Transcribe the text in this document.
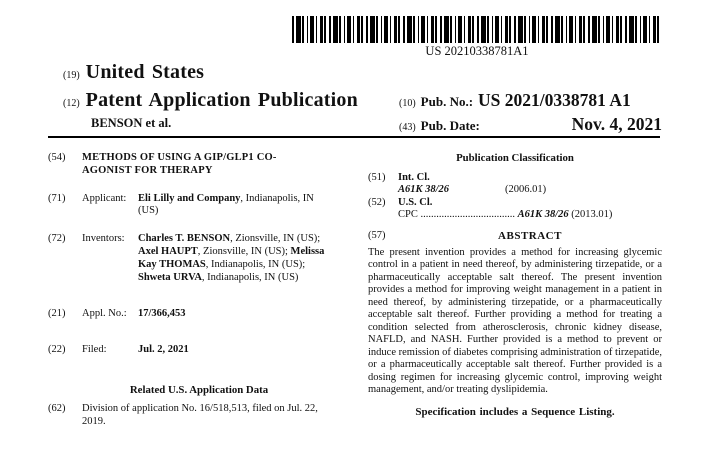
US 20210338781A1
(19) United States
(12) Patent Application Publication
BENSON et al.
(10) Pub. No.: US 2021/0338781 A1
(43) Pub. Date:	Nov. 4, 2021
(54)	METHODS OF USING A GIP/GLP1 CO-AGONIST FOR THERAPY
(71)	Applicant:	Eli Lilly and Company, Indianapolis, IN (US)
(72)	Inventors:	Charles T. BENSON, Zionsville, IN (US); Axel HAUPT, Zionsville, IN (US); Melissa Kay THOMAS, Indianapolis, IN (US); Shweta URVA, Indianapolis, IN (US)
(21)	Appl. No.:	17/366,453
(22)	Filed:	Jul. 2, 2021
Related U.S. Application Data
(62)	Division of application No. 16/518,513, filed on Jul. 22, 2019.
Publication Classification
(51)	Int. Cl.
A61K 38/26	(2006.01)
(52)	U.S. Cl.
CPC .................................... A61K 38/26 (2013.01)
(57)	ABSTRACT
The present invention provides a method for increasing glycemic control in a patient in need thereof, by administering tirzepatide, or a pharmaceutically acceptable salt thereof. The present invention provides a method for improving weight management in a patient in need thereof, by administering tirzepatide, or a pharmaceutically acceptable salt thereof. Further providing a method for treating a condition selected from atherosclerosis, chronic kidney disease, NAFLD, and NASH. Further provided is a method to prevent or induce remission of diabetes comprising administration of tirzepatide, or a pharmaceutically acceptable salt thereof. Further provided is a dosing regimen for increasing glycemic control, improving weight management, and/or treating dyslipidemia.
Specification includes a Sequence Listing.
